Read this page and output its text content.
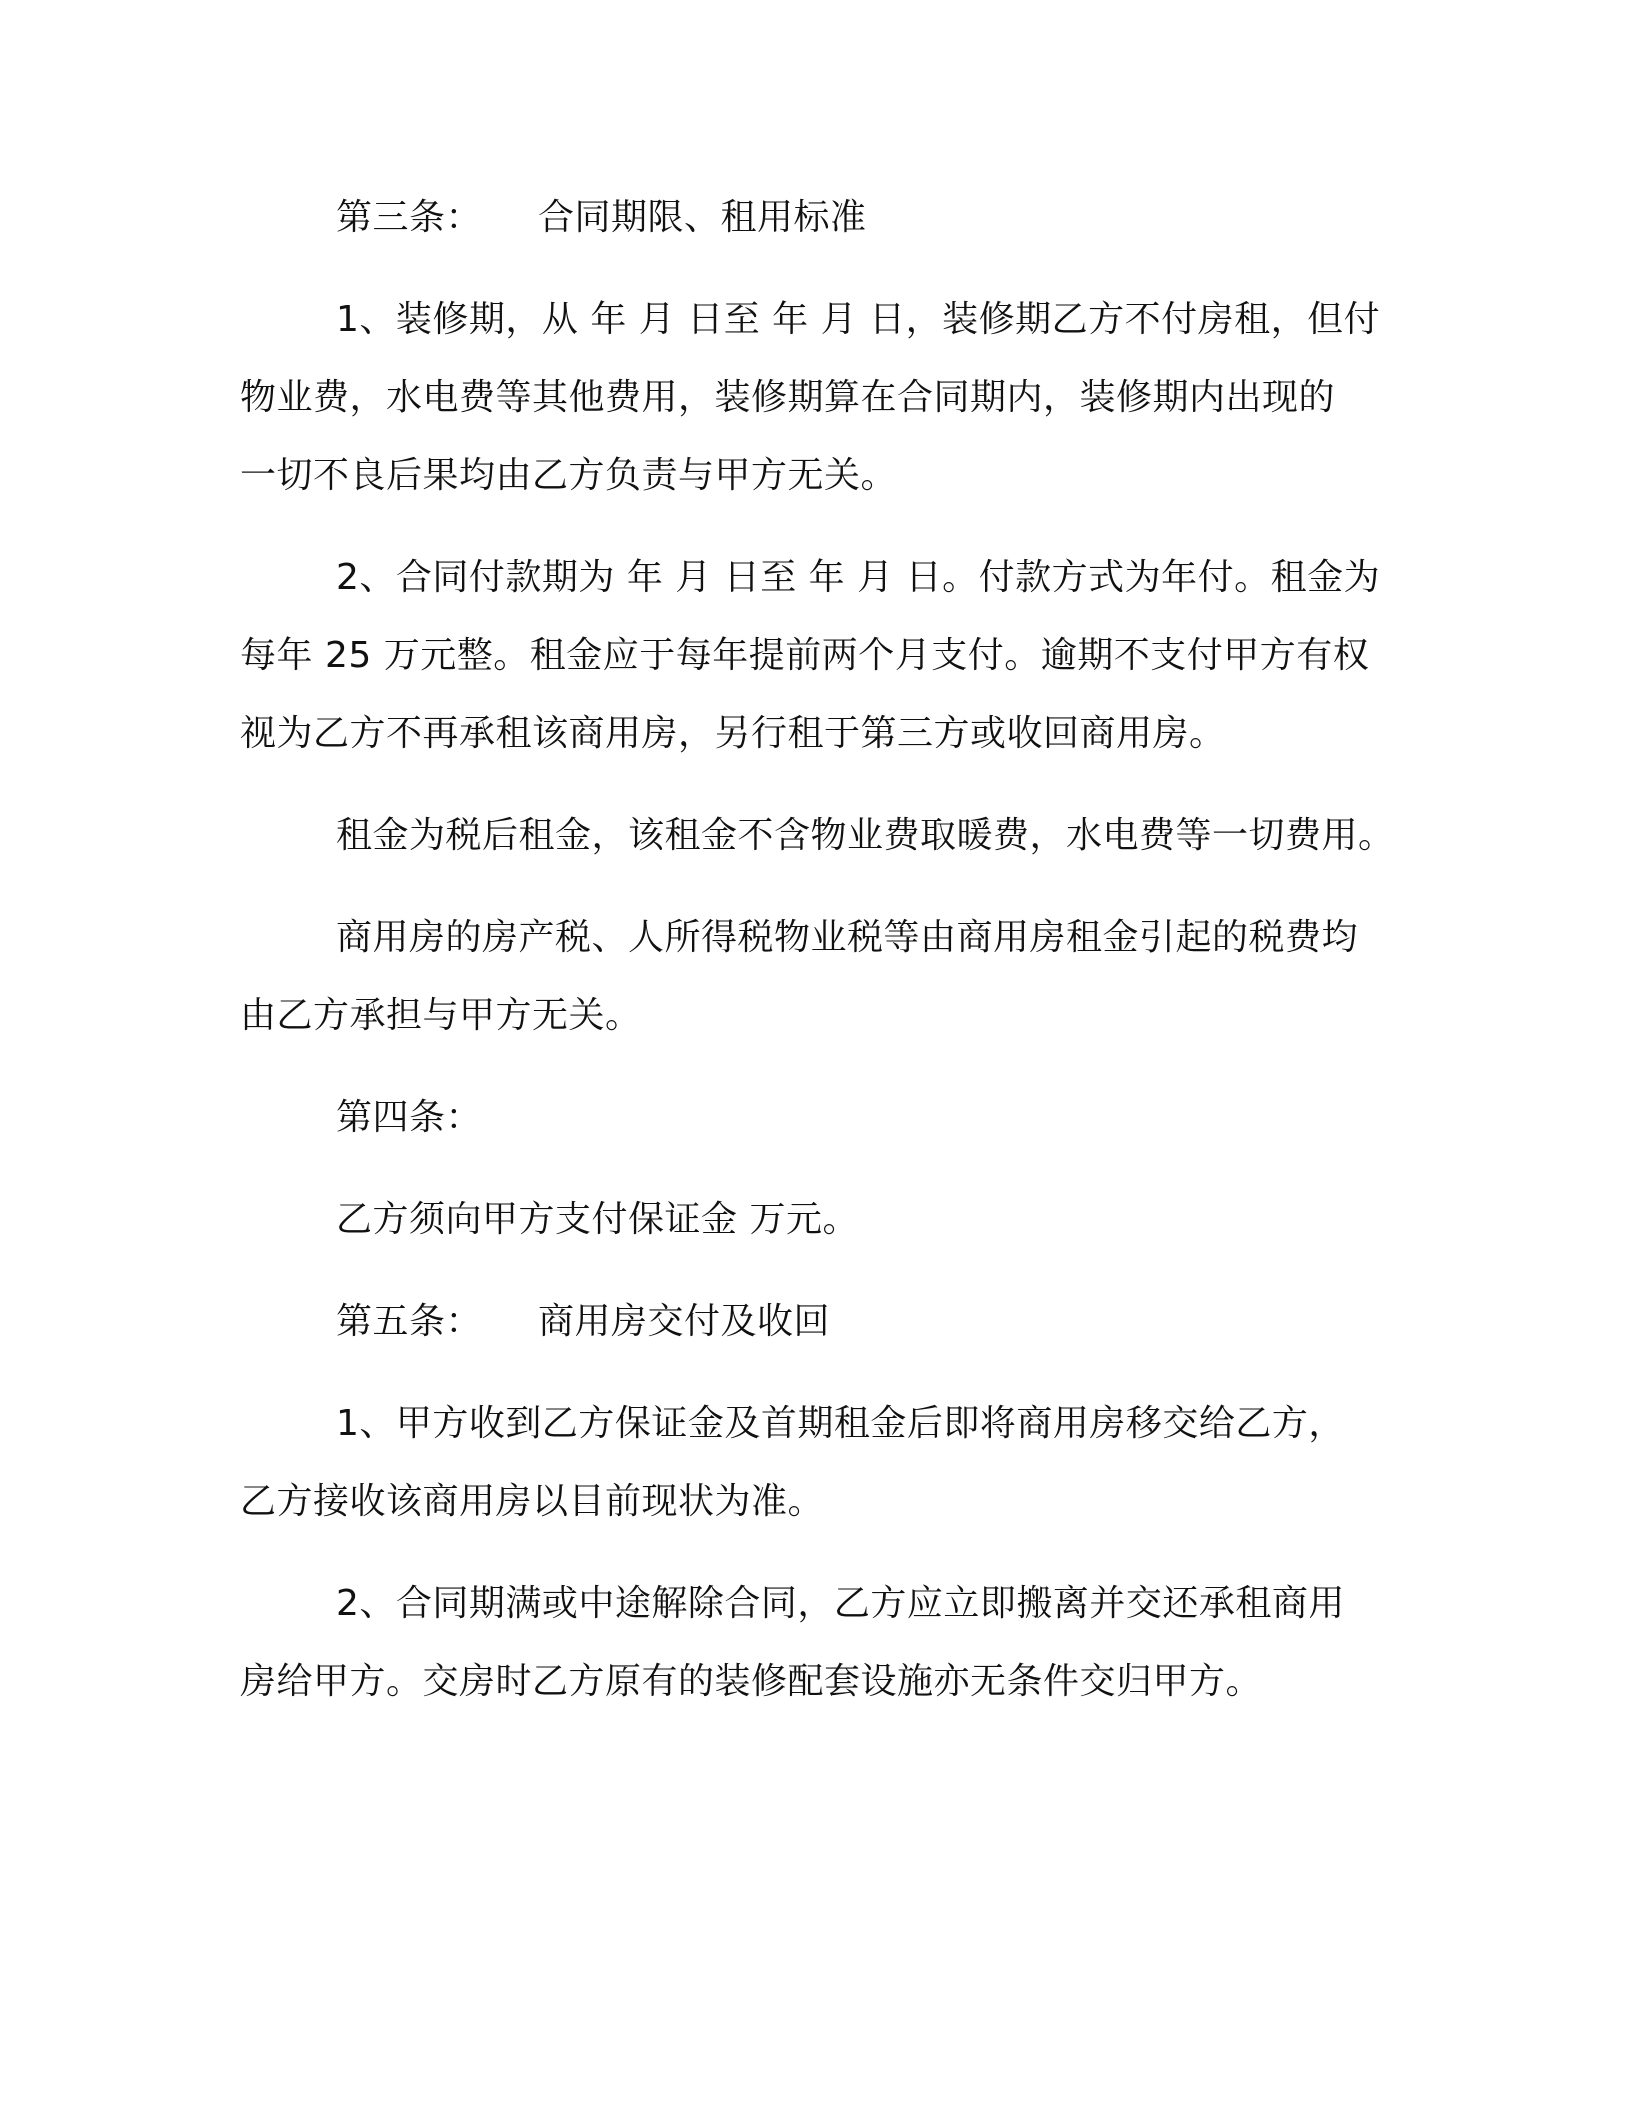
第三条： 合同期限、租用标准

1、装修期，从 年 月 日至 年 月 日，装修期乙方不付房租，但付

物业费，水电费等其他费用，装修期算在合同期内，装修期内出现的

一切不良后果均由乙方负责与甲方无关。

2、合同付款期为 年 月 日至 年 月 日。付款方式为年付。租金为

每年 25 万元整。租金应于每年提前两个月支付。逾期不支付甲方有权

视为乙方不再承租该商用房，另行租于第三方或收回商用房。

租金为税后租金，该租金不含物业费取暖费，水电费等一切费用。

商用房的房产税、人所得税物业税等由商用房租金引起的税费均

由乙方承担与甲方无关。

第四条：

乙方须向甲方支付保证金 万元。

第五条： 商用房交付及收回

1、甲方收到乙方保证金及首期租金后即将商用房移交给乙方，

乙方接收该商用房以目前现状为准。

2、合同期满或中途解除合同，乙方应立即搬离并交还承租商用

房给甲方。交房时乙方原有的装修配套设施亦无条件交归甲方。
